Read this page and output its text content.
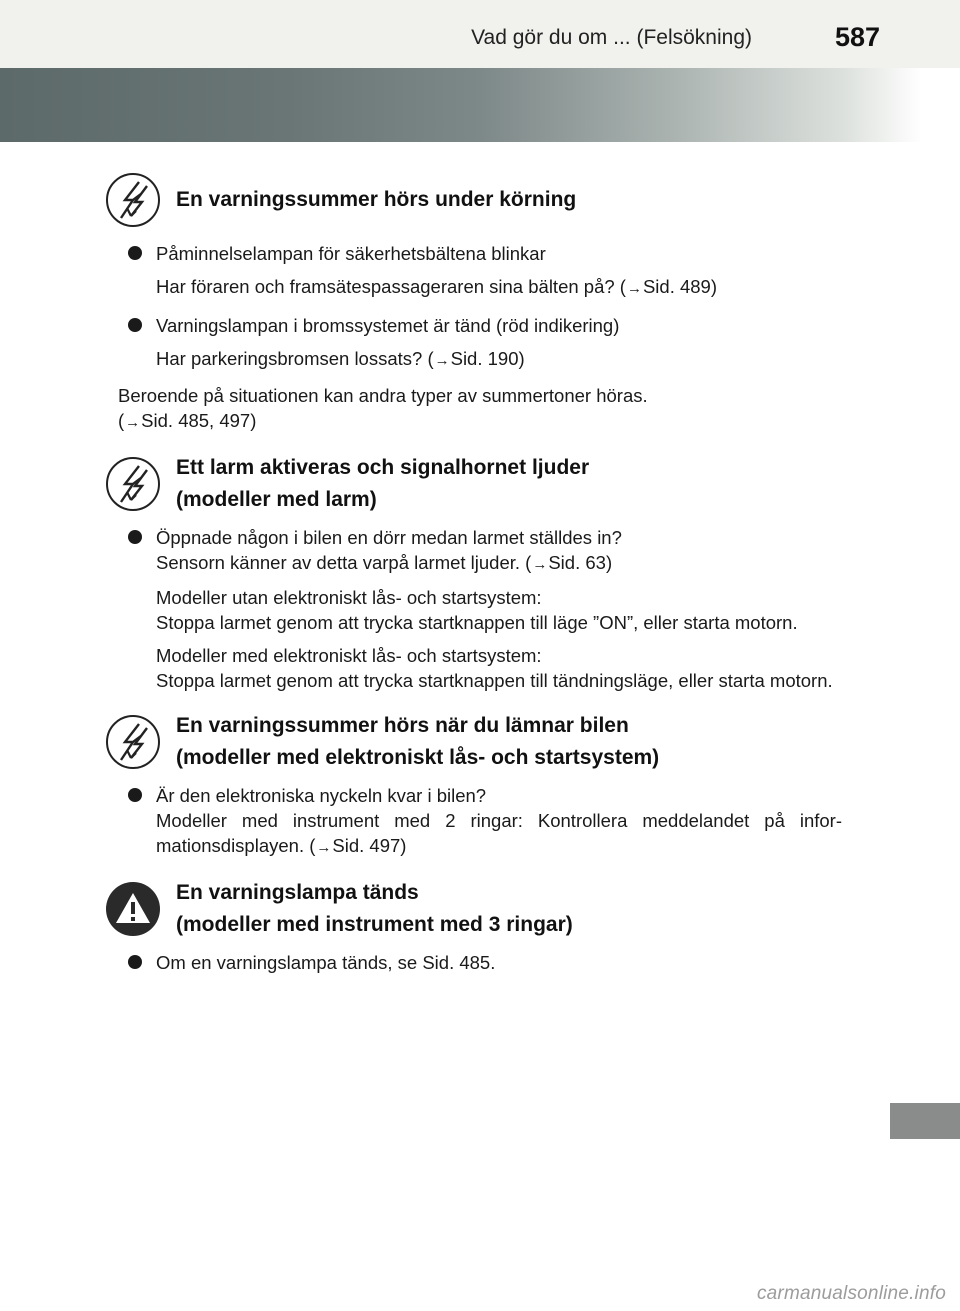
Vad gör du om ... (Felsökning)	587
En varningssummer hörs under körning
Påminnelselampan för säkerhetsbältena blinkar
Har föraren och framsätespassageraren sina bälten på? (→Sid. 489)
Varningslampan i bromssystemet är tänd (röd indikering)
Har parkeringsbromsen lossats? (→Sid. 190)
Beroende på situationen kan andra typer av summertoner höras.
(→Sid. 485, 497)
Ett larm aktiveras och signalhornet ljuder
(modeller med larm)
Öppnade någon i bilen en dörr medan larmet ställdes in?
Sensorn känner av detta varpå larmet ljuder. (→Sid. 63)
Modeller utan elektroniskt lås- och startsystem:
Stoppa larmet genom att trycka startknappen till läge ”ON”, eller starta motorn.
Modeller med elektroniskt lås- och startsystem:
Stoppa larmet genom att trycka startknappen till tändningsläge, eller starta motorn.
En varningssummer hörs när du lämnar bilen
(modeller med elektroniskt lås- och startsystem)
Är den elektroniska nyckeln kvar i bilen?
Modeller med instrument med 2 ringar: Kontrollera meddelandet på informationsdisplayen. (→Sid. 497)
En varningslampa tänds
(modeller med instrument med 3 ringar)
Om en varningslampa tänds, se Sid. 485.
carmanualsonline.info
